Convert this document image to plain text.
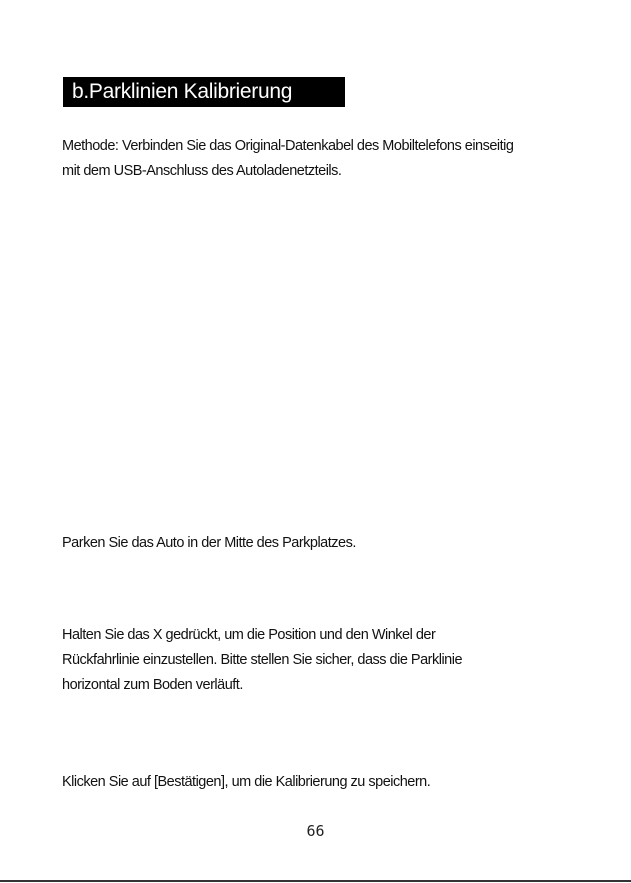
b.Parklinien Kalibrierung

Methode: Verbinden Sie das Original-Datenkabel des Mobiltelefons einseitig
mit dem USB-Anschluss des Autoladenetzteils.

Parken Sie das Auto in der Mitte des Parkplatzes.

Halten Sie das X gedrückt, um die Position und den Winkel der
Rückfahrlinie einzustellen. Bitte stellen Sie sicher, dass die Parklinie
horizontal zum Boden verläuft.

Klicken Sie auf [Bestätigen], um die Kalibrierung zu speichern.

66
